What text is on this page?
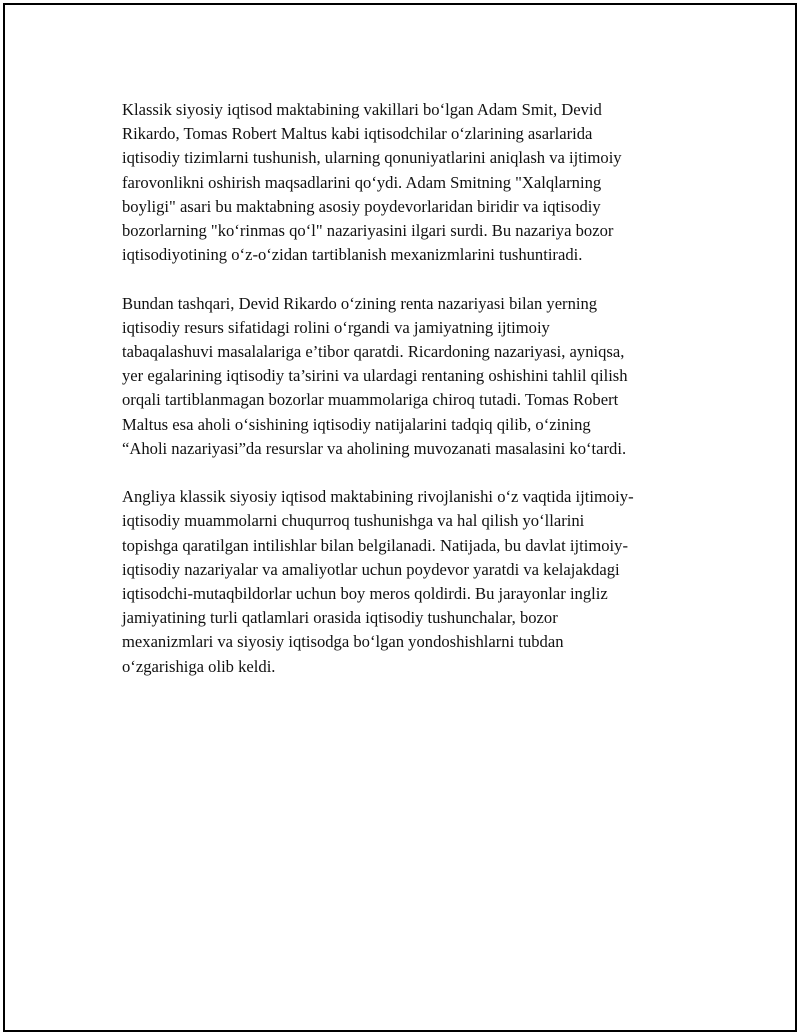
Klassik siyosiy iqtisod maktabining vakillari bo‘lgan Adam Smit, Devid
Rikardo, Tomas Robert Maltus kabi iqtisodchilar o‘zlarining asarlarida
iqtisodiy tizimlarni tushunish, ularning qonuniyatlarini aniqlash va ijtimoiy
farovonlikni oshirish maqsadlarini qo‘ydi. Adam Smitning "Xalqlarning
boyligi" asari bu maktabning asosiy poydevorlaridan biridir va iqtisodiy
bozorlarning "ko‘rinmas qo‘l" nazariyasini ilgari surdi. Bu nazariya bozor
iqtisodiyotining o‘z-o‘zidan tartiblanish mexanizmlarini tushuntiradi.

Bundan tashqari, Devid Rikardo o‘zining renta nazariyasi bilan yerning
iqtisodiy resurs sifatidagi rolini o‘rgandi va jamiyatning ijtimoiy
tabaqalashuvi masalalariga e’tibor qaratdi. Ricardoning nazariyasi, ayniqsa,
yer egalarining iqtisodiy ta’sirini va ulardagi rentaning oshishini tahlil qilish
orqali tartiblanmagan bozorlar muammolariga chiroq tutadi. Tomas Robert
Maltus esa aholi o‘sishining iqtisodiy natijalarini tadqiq qilib, o‘zining
“Aholi nazariyasi”da resurslar va aholining muvozanati masalasini ko‘tardi.

Angliya klassik siyosiy iqtisod maktabining rivojlanishi o‘z vaqtida ijtimoiy-
iqtisodiy muammolarni chuqurroq tushunishga va hal qilish yo‘llarini
topishga qaratilgan intilishlar bilan belgilanadi. Natijada, bu davlat ijtimoiy-
iqtisodiy nazariyalar va amaliyotlar uchun poydevor yaratdi va kelajakdagi
iqtisodchi-mutaqbildorlar uchun boy meros qoldirdi. Bu jarayonlar ingliz
jamiyatining turli qatlamlari orasida iqtisodiy tushunchalar, bozor
mexanizmlari va siyosiy iqtisodga bo‘lgan yondoshishlarni tubdan
o‘zgarishiga olib keldi.
